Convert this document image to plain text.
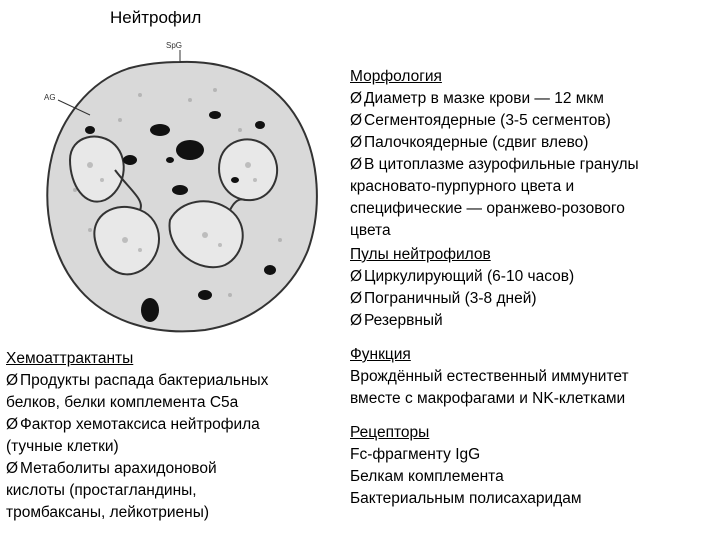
Нейтрофил
SpG
AG
Морфология
Ø Диаметр в мазке крови — 12 мкм
Ø Сегментоядерные (3-5 сегментов)
Ø Палочкоядерные (сдвиг влево)
Ø В цитоплазме азурофильные гранулы
красновато-пурпурного цвета и
специфические — оранжево-розового
цвета
Пулы нейтрофилов
Ø Циркулирующий (6-10 часов)
Ø Пограничный (3-8 дней)
Ø Резервный
Функция
Врождённый естественный иммунитет
вместе с макрофагами и NK-клетками
Рецепторы
Fc-фрагменту IgG
Белкам комплемента
Бактериальным полисахаридам
Хемоаттрактанты
Ø Продукты распада бактериальных
белков, белки комплемента С5а
Ø Фактор хемотаксиса нейтрофила
(тучные клетки)
Ø Метаболиты арахидоновой
кислоты (простагландины,
тромбаксаны, лейкотриены)
